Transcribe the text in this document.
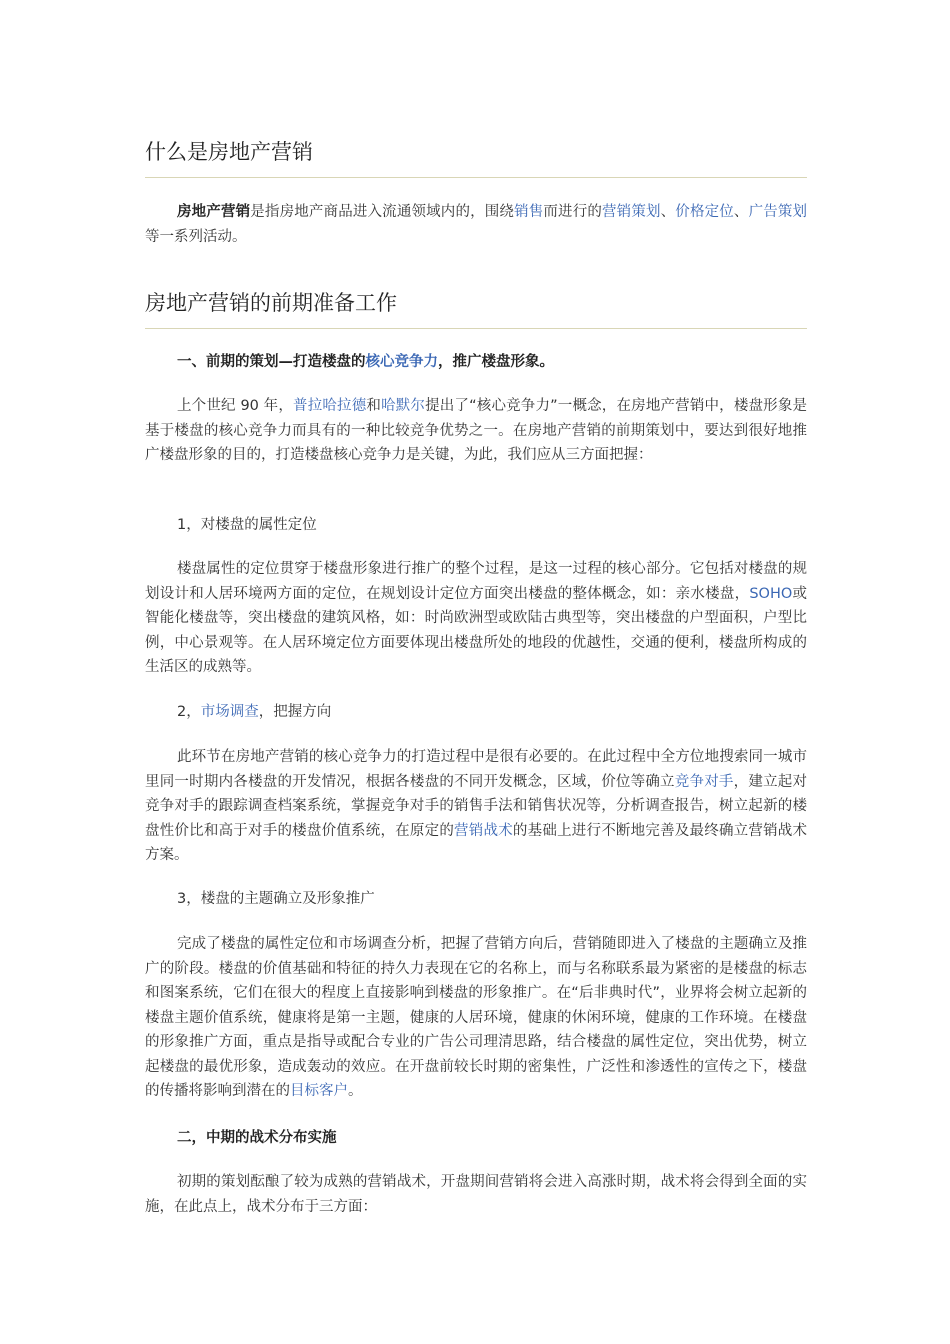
什么是房地产营销

房地产营销是指房地产商品进入流通领域内的，围绕销售而进行的营销策划、价格定位、广告策划等一系列活动。

房地产营销的前期准备工作

一、前期的策划—打造楼盘的核心竞争力，推广楼盘形象。

上个世纪 90 年，普拉哈拉德和哈默尔提出了“核心竞争力”一概念，在房地产营销中，楼盘形象是基于楼盘的核心竞争力而具有的一种比较竞争优势之一。在房地产营销的前期策划中，要达到很好地推广楼盘形象的目的，打造楼盘核心竞争力是关键，为此，我们应从三方面把握：

1，对楼盘的属性定位

楼盘属性的定位贯穿于楼盘形象进行推广的整个过程，是这一过程的核心部分。它包括对楼盘的规划设计和人居环境两方面的定位，在规划设计定位方面突出楼盘的整体概念，如：亲水楼盘，SOHO或智能化楼盘等，突出楼盘的建筑风格，如：时尚欧洲型或欧陆古典型等，突出楼盘的户型面积，户型比例，中心景观等。在人居环境定位方面要体现出楼盘所处的地段的优越性，交通的便利，楼盘所构成的生活区的成熟等。

2，市场调查，把握方向

此环节在房地产营销的核心竞争力的打造过程中是很有必要的。在此过程中全方位地搜索同一城市里同一时期内各楼盘的开发情况，根据各楼盘的不同开发概念，区域，价位等确立竞争对手，建立起对竞争对手的跟踪调查档案系统，掌握竞争对手的销售手法和销售状况等，分析调查报告，树立起新的楼盘性价比和高于对手的楼盘价值系统，在原定的营销战术的基础上进行不断地完善及最终确立营销战术方案。

3，楼盘的主题确立及形象推广

完成了楼盘的属性定位和市场调查分析，把握了营销方向后，营销随即进入了楼盘的主题确立及推广的阶段。楼盘的价值基础和特征的持久力表现在它的名称上，而与名称联系最为紧密的是楼盘的标志和图案系统，它们在很大的程度上直接影响到楼盘的形象推广。在“后非典时代”，业界将会树立起新的楼盘主题价值系统，健康将是第一主题，健康的人居环境，健康的休闲环境，健康的工作环境。在楼盘的形象推广方面，重点是指导或配合专业的广告公司理清思路，结合楼盘的属性定位，突出优势，树立起楼盘的最优形象，造成轰动的效应。在开盘前较长时期的密集性，广泛性和渗透性的宣传之下，楼盘的传播将影响到潜在的目标客户。

二，中期的战术分布实施

初期的策划酝酿了较为成熟的营销战术，开盘期间营销将会进入高涨时期，战术将会得到全面的实施，在此点上，战术分布于三方面：
